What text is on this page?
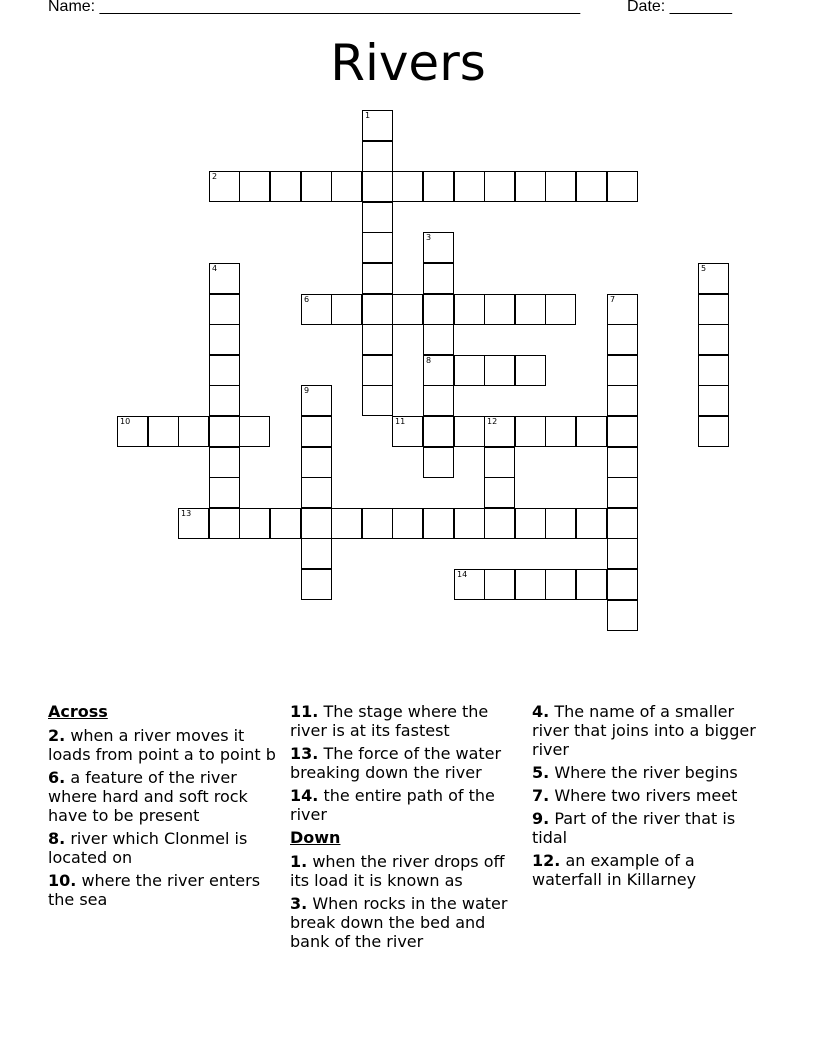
Name: ______________________________________________________	Date: _______
Rivers
1
2
3
8
4	5
6	7
9
10	11	12
13
14
Across
2. when a river moves it loads from point a to point b
6. a feature of the river where hard and soft rock have to be present
8. river which Clonmel is located on
10. where the river enters the sea
11. The stage where the river is at its fastest
13. The force of the water breaking down the river
14. the entire path of the river
Down
1. when the river drops off its load it is known as
3. When rocks in the water break down the bed and bank of the river
4. The name of a smaller river that joins into a bigger river
5. Where the river begins
7. Where two rivers meet
9. Part of the river that is tidal
12. an example of a waterfall in Killarney
